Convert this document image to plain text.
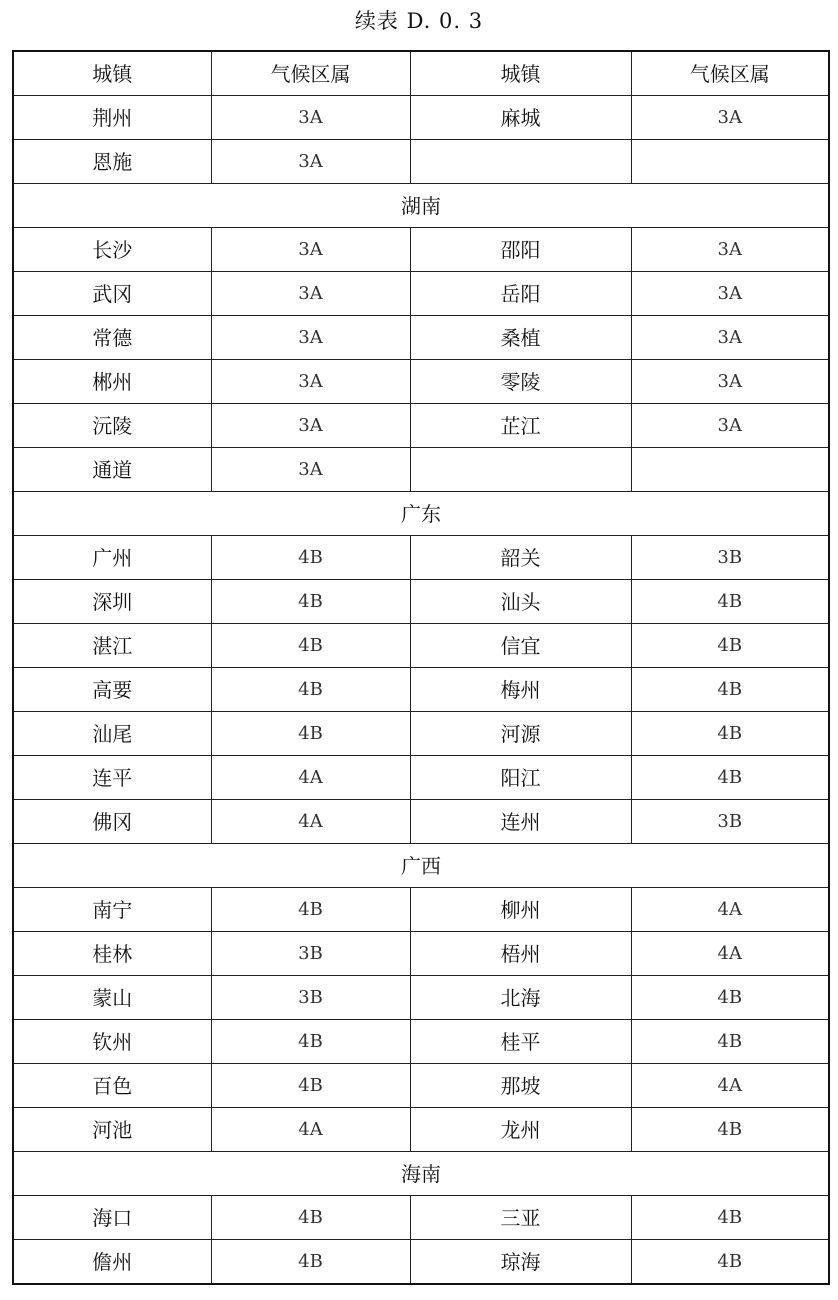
续表 D. 0. 3
城镇	气候区属	城镇	气候区属
荆州	3A	麻城	3A
恩施	3A		
湖南			
长沙	3A	邵阳	3A
武冈	3A	岳阳	3A
常德	3A	桑植	3A
郴州	3A	零陵	3A
沅陵	3A	芷江	3A
通道	3A		
广东			
广州	4B	韶关	3B
深圳	4B	汕头	4B
湛江	4B	信宜	4B
高要	4B	梅州	4B
汕尾	4B	河源	4B
连平	4A	阳江	4B
佛冈	4A	连州	3B
广西			
南宁	4B	柳州	4A
桂林	3B	梧州	4A
蒙山	3B	北海	4B
钦州	4B	桂平	4B
百色	4B	那坡	4A
河池	4A	龙州	4B
海南			
海口	4B	三亚	4B
儋州	4B	琼海	4B
